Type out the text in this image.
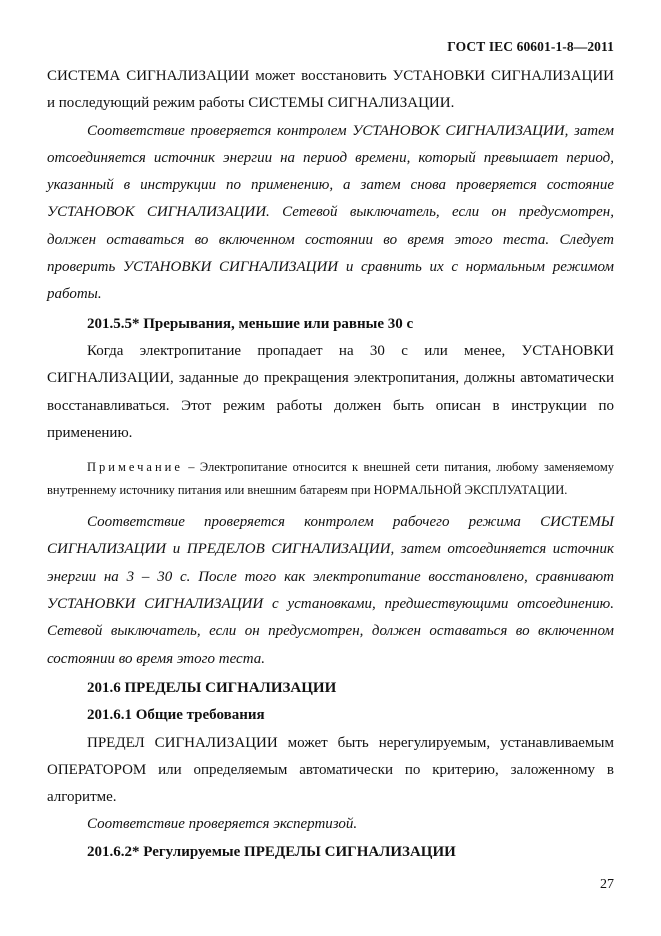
ГОСТ IEC 60601-1-8—2011

СИСТЕМА СИГНАЛИЗАЦИИ может восстановить УСТАНОВКИ СИГНАЛИЗАЦИИ и последующий режим работы СИСТЕМЫ СИГНАЛИЗАЦИИ.

Соответствие проверяется контролем УСТАНОВОК СИГНАЛИЗАЦИИ, затем отсоединяется источник энергии на период времени, который превышает период, указанный в инструкции по применению, а затем снова проверяется состояние УСТАНОВОК СИГНАЛИЗАЦИИ. Сетевой выключатель, если он предусмотрен, должен оставаться во включенном состоянии во время этого теста. Следует проверить УСТАНОВКИ СИГНАЛИЗАЦИИ и сравнить их с нормальным режимом работы.

201.5.5* Прерывания, меньшие или равные 30 с

Когда электропитание пропадает на 30 с или менее, УСТАНОВКИ СИГНАЛИЗАЦИИ, заданные до прекращения электропитания, должны автоматически восстанавливаться. Этот режим работы должен быть описан в инструкции по применению.

Примечание – Электропитание относится к внешней сети питания, любому заменяемому внутреннему источнику питания или внешним батареям при НОРМАЛЬНОЙ ЭКСПЛУАТАЦИИ.

Соответствие проверяется контролем рабочего режима СИСТЕМЫ СИГНАЛИЗАЦИИ и ПРЕДЕЛОВ СИГНАЛИЗАЦИИ, затем отсоединяется источник энергии на 3 – 30 с. После того как электропитание восстановлено, сравнивают УСТАНОВКИ СИГНАЛИЗАЦИИ с установками, предшествующими отсоединению. Сетевой выключатель, если он предусмотрен, должен оставаться во включенном состоянии во время этого теста.

201.6 ПРЕДЕЛЫ СИГНАЛИЗАЦИИ

201.6.1 Общие требования

ПРЕДЕЛ СИГНАЛИЗАЦИИ может быть нерегулируемым, устанавливаемым ОПЕРАТОРОМ или определяемым автоматически по критерию, заложенному в алгоритме.

Соответствие проверяется экспертизой.

201.6.2* Регулируемые ПРЕДЕЛЫ СИГНАЛИЗАЦИИ

27
